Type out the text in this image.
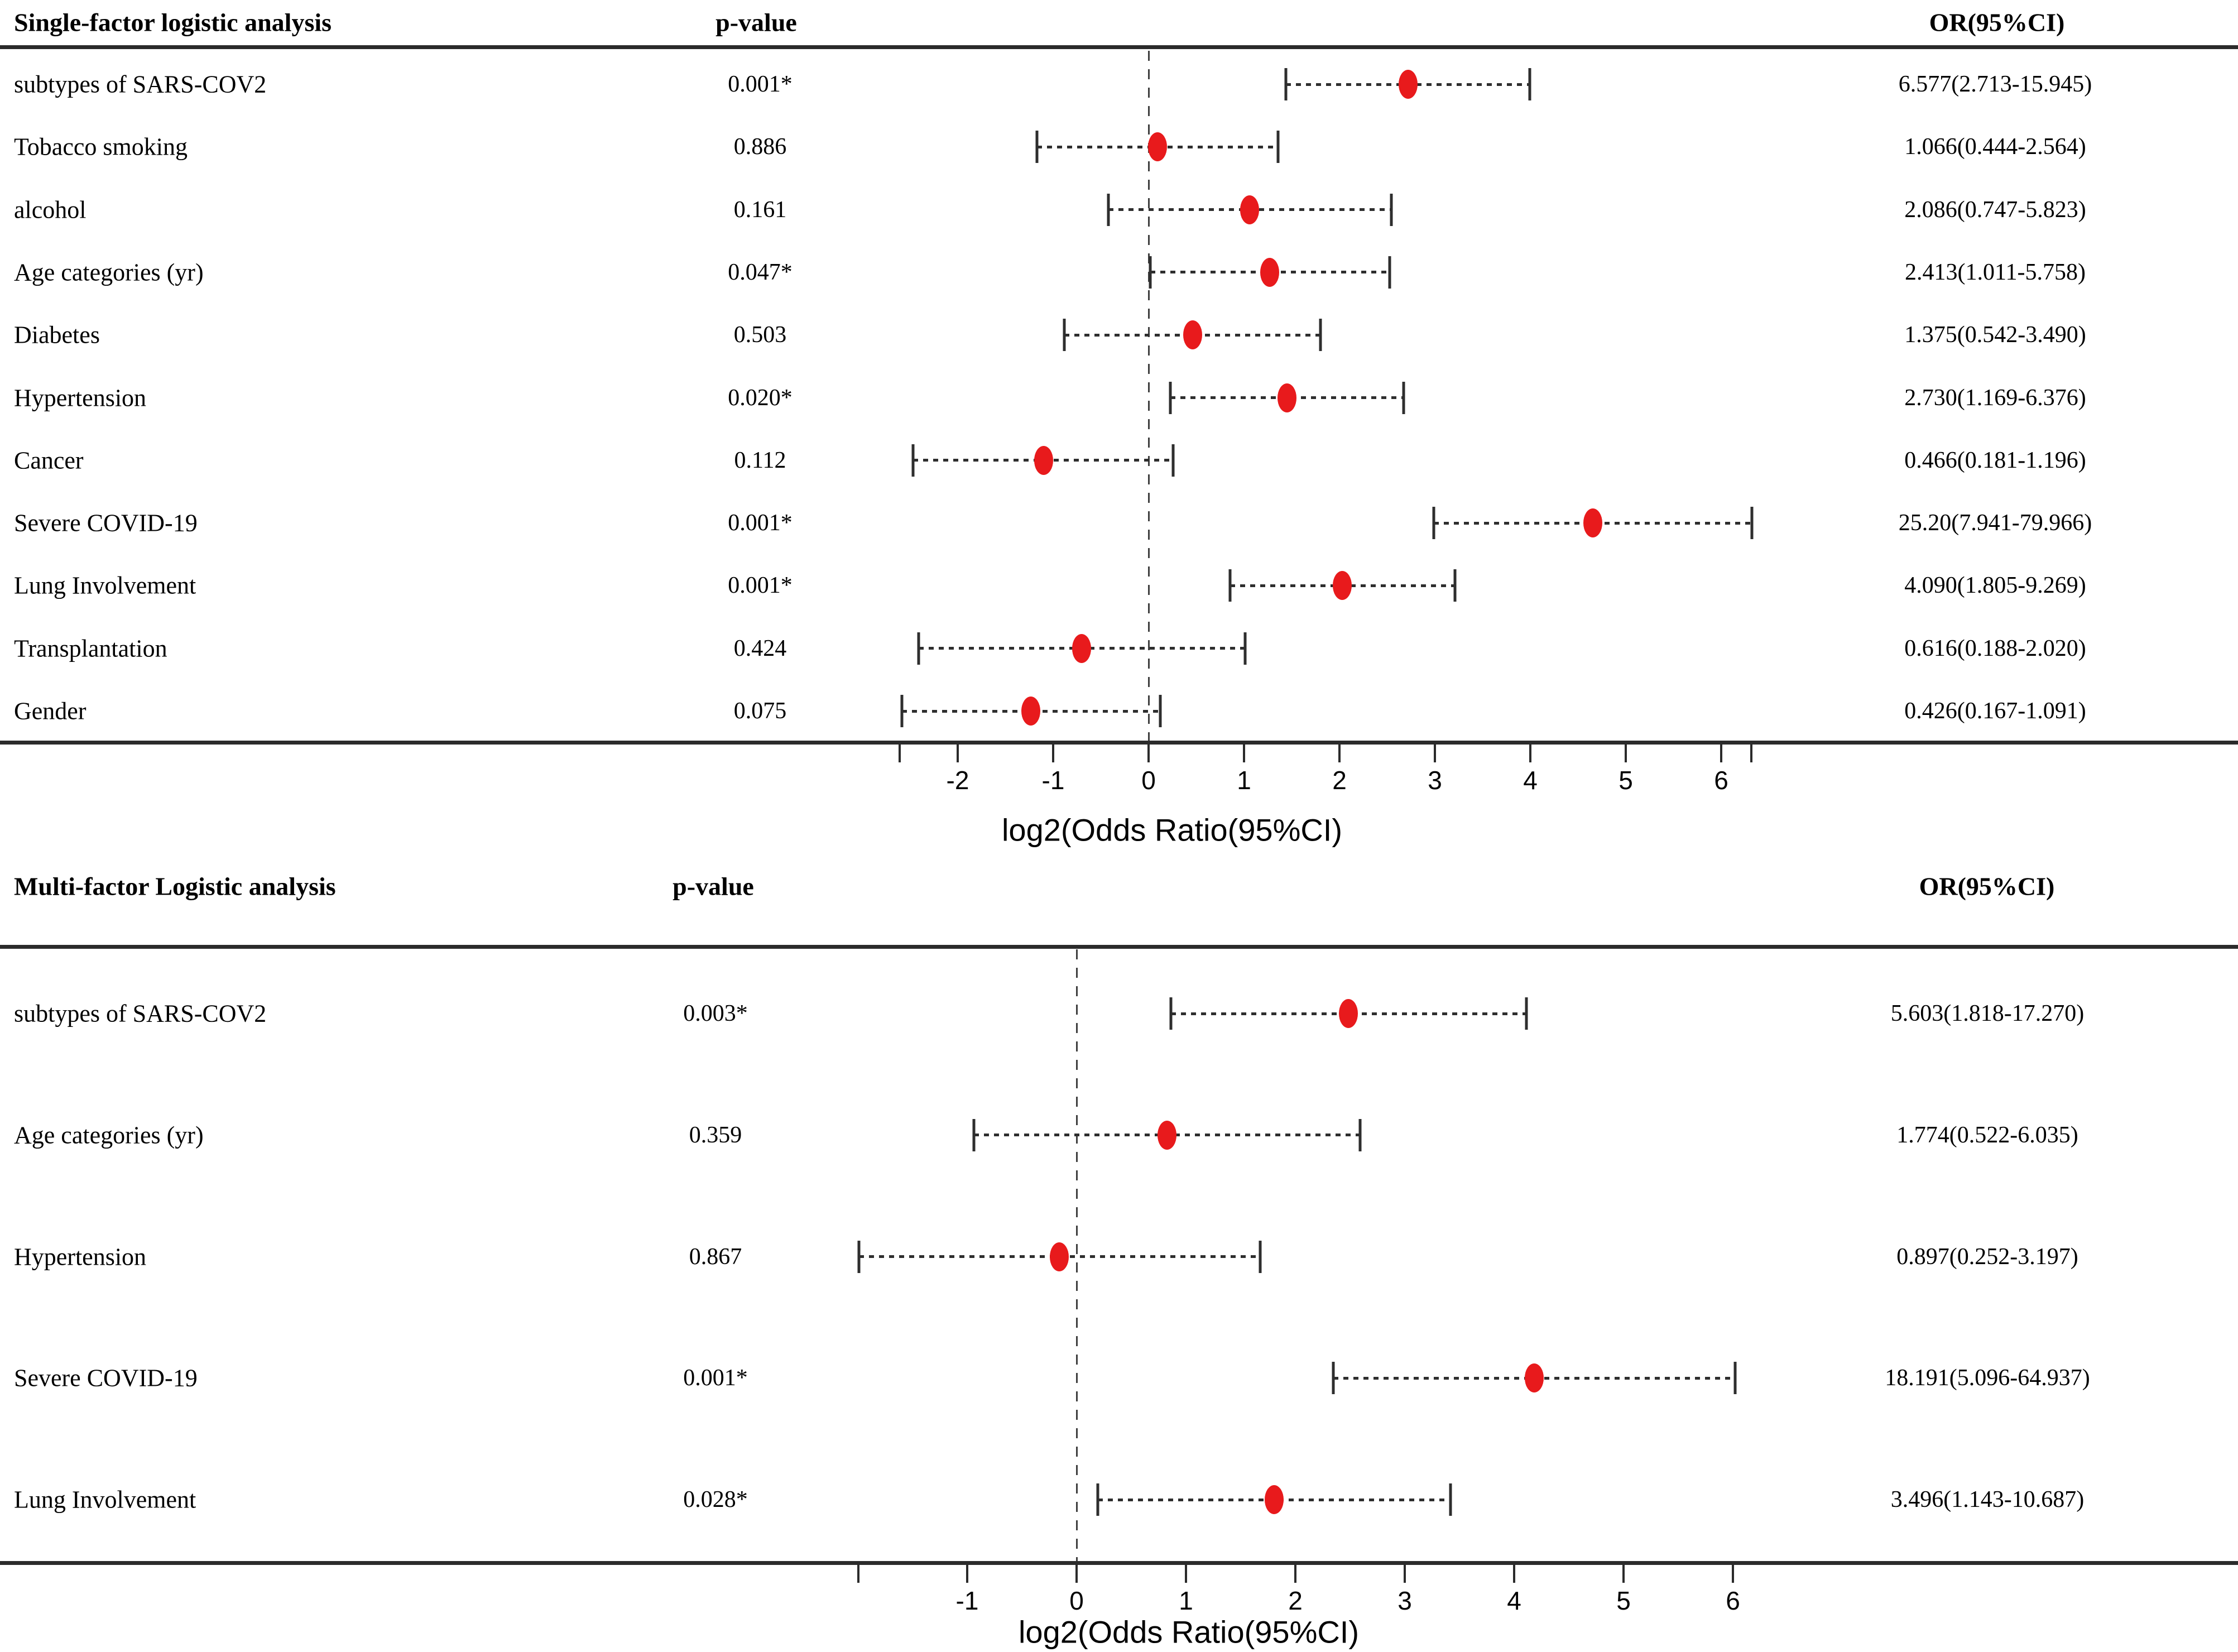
Single-factor logistic analysis	p-value	OR(95%CI)
subtypes of SARS-COV2	0.001*	6.577(2.713-15.945)
Tobacco smoking	0.886	1.066(0.444-2.564)
alcohol	0.161	2.086(0.747-5.823)
Age categories (yr)	0.047*	2.413(1.011-5.758)
Diabetes	0.503	1.375(0.542-3.490)
Hypertension	0.020*	2.730(1.169-6.376)
Cancer	0.112	0.466(0.181-1.196)
Severe COVID-19	0.001*	25.20(7.941-79.966)
Lung Involvement	0.001*	4.090(1.805-9.269)
Transplantation	0.424	0.616(0.188-2.020)
Gender	0.075	0.426(0.167-1.091)
-2	-1	0	1	2	3	4	5	6
log2(Odds Ratio(95%CI)
Multi-factor Logistic analysis	p-value	OR(95%CI)
subtypes of SARS-COV2	0.003*	5.603(1.818-17.270)
Age categories (yr)	0.359	1.774(0.522-6.035)
Hypertension	0.867	0.897(0.252-3.197)
Severe COVID-19	0.001*	18.191(5.096-64.937)
Lung Involvement	0.028*	3.496(1.143-10.687)
-1	0	1	2	3	4	5	6
log2(Odds Ratio(95%CI)
